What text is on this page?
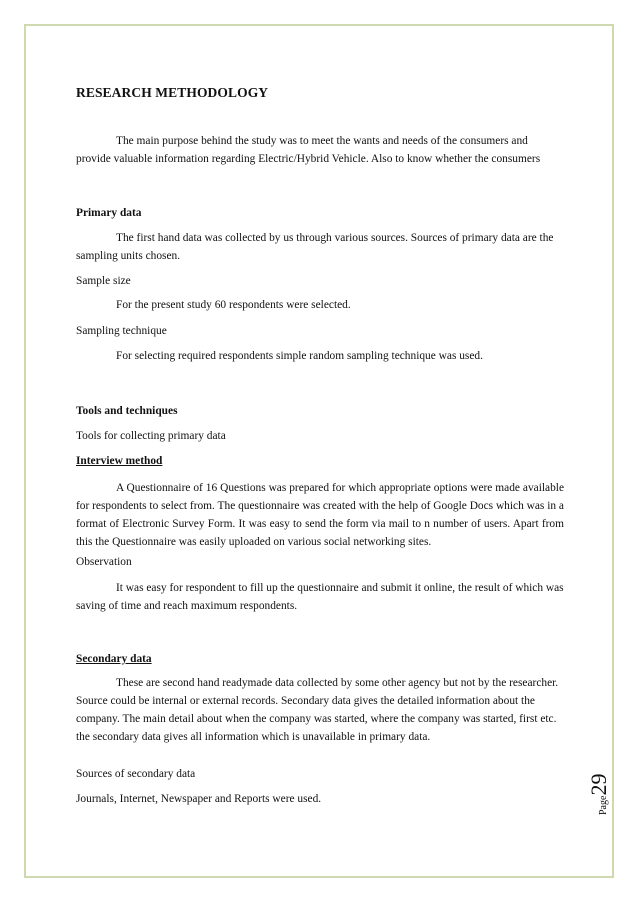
RESEARCH METHODOLOGY

The main purpose behind the study was to meet the wants and needs of the consumers and provide valuable information regarding Electric/Hybrid Vehicle. Also to know whether the consumers

Primary data

The first hand data was collected by us through various sources. Sources of primary data are the sampling units chosen.

Sample size

For the present study 60 respondents were selected.

Sampling technique

For selecting required respondents simple random sampling technique was used.

Tools and techniques

Tools for collecting primary data

Interview method

A Questionnaire of 16 Questions was prepared for which appropriate options were made available for respondents to select from. The questionnaire was created with the help of Google Docs which was in a format of Electronic Survey Form. It was easy to send the form via mail to n number of users. Apart from this the Questionnaire was easily uploaded on various social networking sites.

Observation

It was easy for respondent to fill up the questionnaire and submit it online, the result of which was saving of time and reach maximum respondents.

Secondary data

These are second hand readymade data collected by some other agency but not by the researcher. Source could be internal or external records. Secondary data gives the detailed information about the company. The main detail about when the company was started, where the company was started, first etc. the secondary data gives all information which is unavailable in primary data.

Sources of secondary data

Journals, Internet, Newspaper and Reports were used.	Page29
